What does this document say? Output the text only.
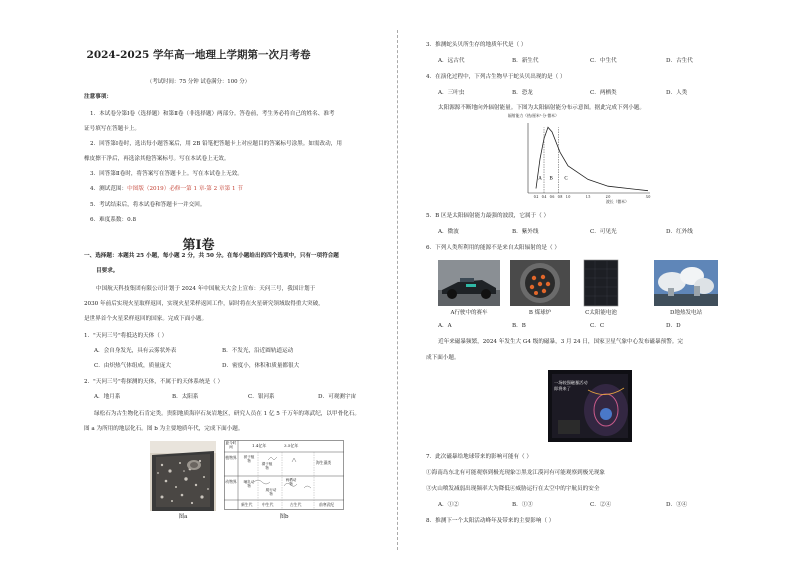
2024-2025 学年高一地理上学期第一次月考卷
（考试时间：75 分钟 试卷满分：100 分）
注意事项：
1．本试卷分第Ⅰ卷（选择题）和第Ⅱ卷（非选择题）两部分。答卷前，考生务必将自己的姓名、准考
证号填写在答题卡上。
2．回答第Ⅰ卷时，选出每小题答案后，用 2B 铅笔把答题卡上对应题目的答案标号涂黑。如需改动，用
橡皮擦干净后，再选涂其他答案标号。写在本试卷上无效。
3．回答第Ⅱ卷时，将答案写在答题卡上。写在本试卷上无效。
4．测试范围：中图版（2019）必修一第 1 章-第 2 章第 1 节
5．考试结束后，将本试卷和答题卡一并交回。
6．难度系数：0.8
第Ⅰ卷
一、选择题：本题共 25 小题，每小题 2 分，共 50 分。在每小题给出的四个选项中，只有一项符合题
目要求。
中国航天科技集团有限公司计划于 2024 年中国航天大会上宣布：天问三号，我国计划于
2030 年前后实现火星取样返回，实现火星采样返回工作，届时将在火星研究领域取得重大突破，
是世界首个火星采样返回的国家。完成下面小题。
1．"天问三号"将抵达的天体（ ）
A．会自身发光，具有云雾状外表	B．不发光，沿近圆轨道运动
C．由炽热气体组成，质量庞大	D．密度小，体积和质量都很大
2．"天问三号"将探测的天体，不属于的天体系统是（ ）
A．地月系	B．太阳系	C．银河系	D．可观测宇宙
绿松石为古生物化石肯定类。贵阳地质海岸石灰岩地区，研究人员在 1 亿 5 千万年的寒武纪，以甲骨化石。
图 a 为所用的地层化石。图 b 为主要地质年代，完成下面小题。
图a
距今时间	1.4亿年	3.5亿年
植物界	被子植物
裸子植物
海生藻类
动物界	哺乳动物
爬行动物
两栖动物
新生代	中生代	古生代	前寒武纪
图b
3．推测蛇头贝所生存的地质年代是（ ）
A．远古代	B．新生代	C．中生代	D．古生代
4．在演化过程中，下列古生物早于蛇头贝出现的是（ ）
A．三叶虫	B．恐龙	C．两栖类	D．人类
太阳源源不断地向外辐射能量。下图为太阳辐射能分布示意图。据此完成下列小题。
辐射能力（热/厘米²·分·微米）
A B C
0.2 0.4 0.6 0.8 1.0	1.5	2.0	3.0
波长（微米）
5．B 区是太阳辐射能力最强的波段，它属于（ ）
A．微波	B．紫外线	C．可见光	D．红外线
6．下列人类所利用的能源不是来自太阳辐射的是（ ）
A行驶中的赛车	B 煤球炉	C太阳能电池	D地热发电站
A．A	B．B	C．C	D．D
近年来磁暴频繁，2024 年发生大 G4 级的磁暴，3 月 24 日，国家卫星气象中心发布磁暴预警。完
成下面小题。
一场较强磁暴活动
即将来了
7．此次磁暴给地球带来的影响可能有（ ）
①海南岛东北有可能观察到极光现象②黑龙江漠河有可能观察到极光现象
③火山喷发减弱出现频率大为降低④威胁运行在太空中的宇航员的安全
A．①②	B．①③	C．②④	D．③④
8．推测下一个太阳活动峰年及带来的主要影响（ ）
